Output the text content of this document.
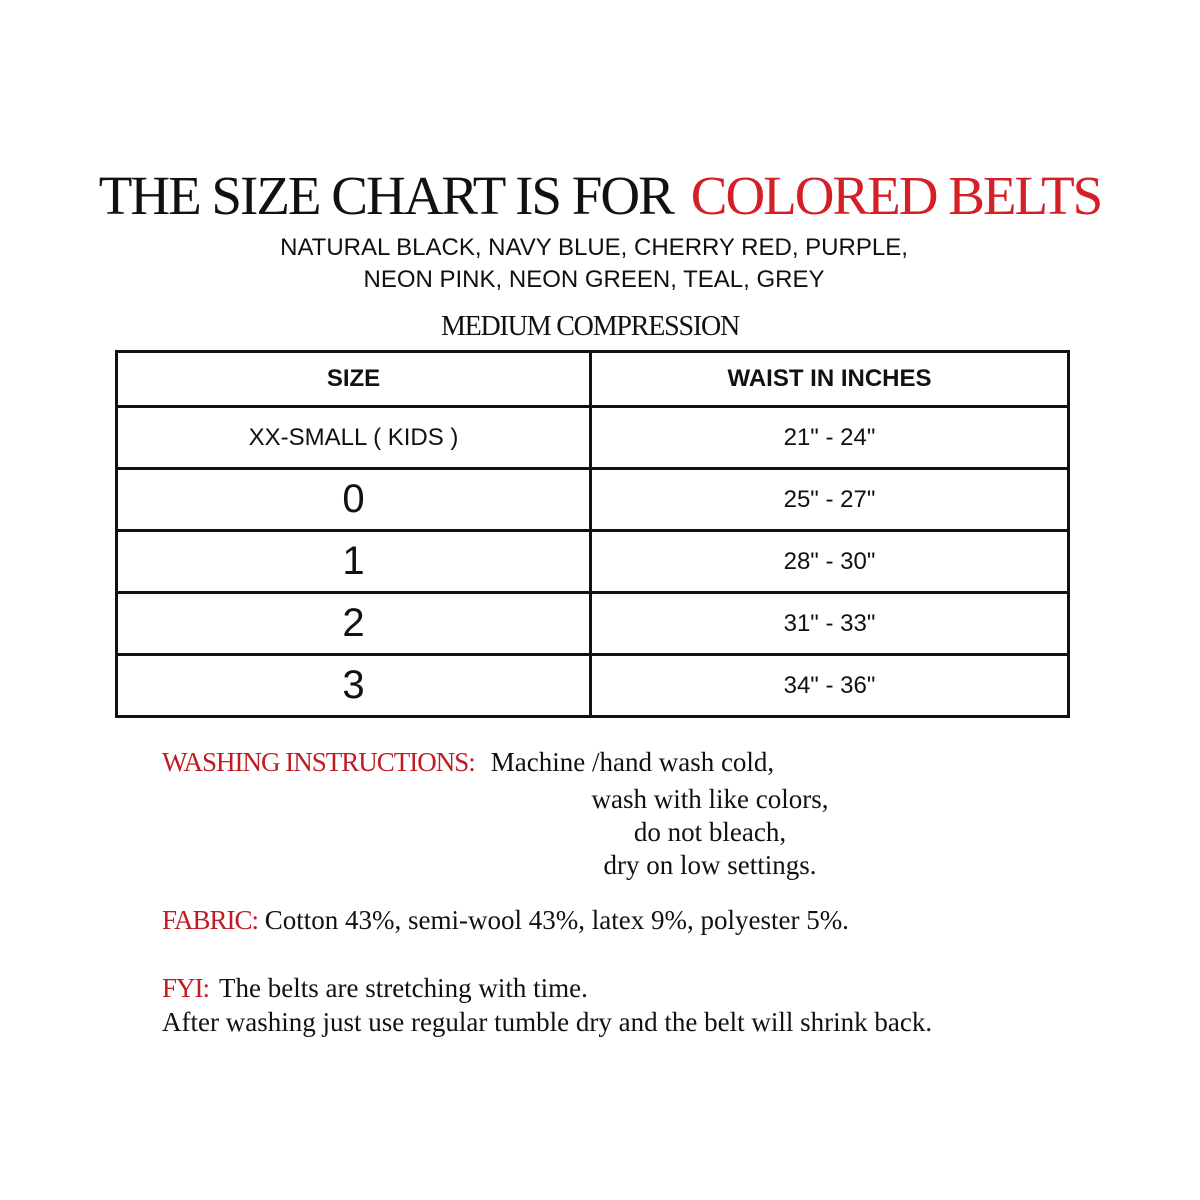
THE SIZE CHART IS FOR COLORED BELTS
NATURAL BLACK, NAVY BLUE, CHERRY RED, PURPLE,
NEON PINK, NEON GREEN, TEAL, GREY
MEDIUM COMPRESSION
SIZE	WAIST IN INCHES
XX-SMALL ( KIDS )	21" - 24"
0	25" - 27"
1	28" - 30"
2	31" - 33"
3	34" - 36"
WASHING INSTRUCTIONS: Machine /hand wash cold,
wash with like colors,
do not bleach,
dry on low settings.
FABRIC: Cotton 43%, semi-wool 43%, latex 9%, polyester 5%.
FYI: The belts are stretching with time.
After washing just use regular tumble dry and the belt will shrink back.
